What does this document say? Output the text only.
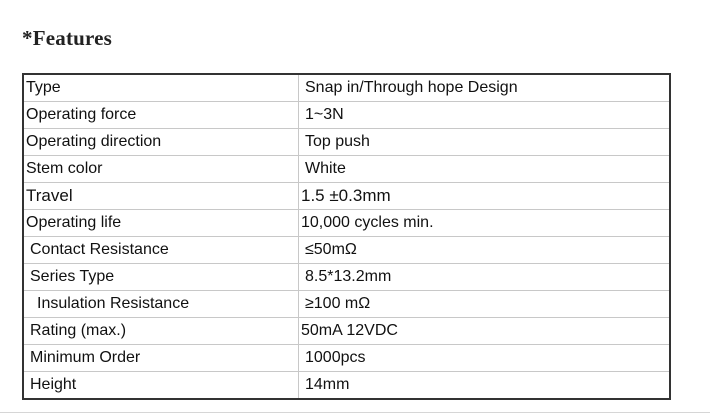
*Features
Type	Snap in/Through hope Design
Operating force	1~3N
Operating direction	Top push
Stem color	White
Travel	1.5 ±0.3mm
Operating life	10,000 cycles min.
Contact Resistance	≤50mΩ
Series Type	8.5*13.2mm
Insulation Resistance	≥100 mΩ
Rating (max.)	50mA 12VDC
Minimum Order	1000pcs
Height	14mm
